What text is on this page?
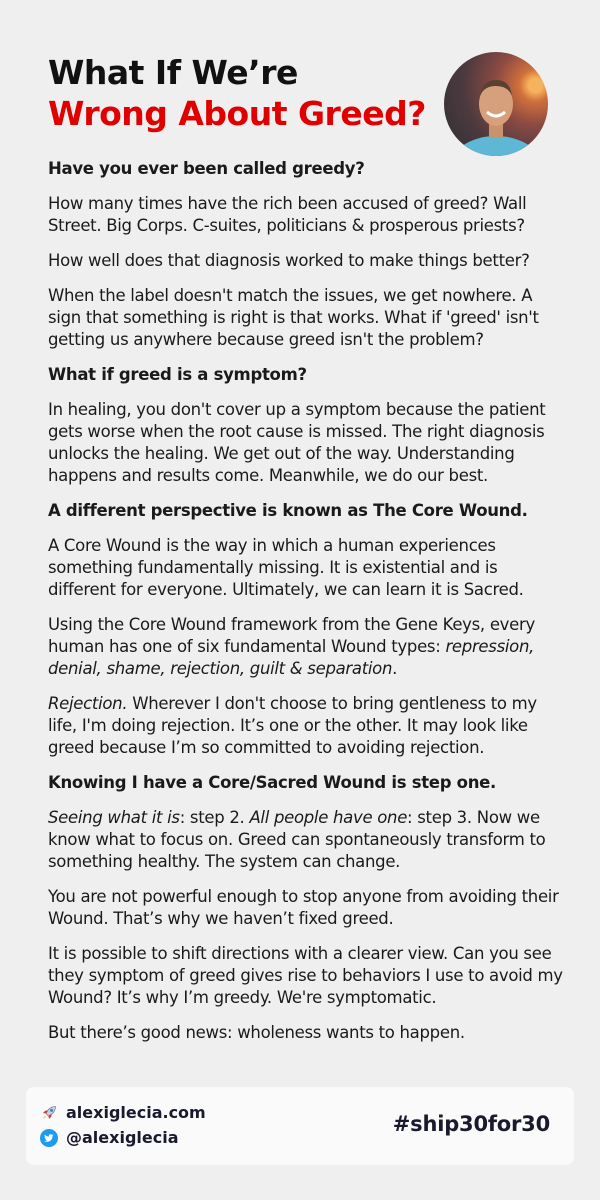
What If We’re
Wrong About Greed?

Have you ever been called greedy?

How many times have the rich been accused of greed? Wall Street. Big Corps. C-suites, politicians & prosperous priests?

How well does that diagnosis worked to make things better?

When the label doesn't match the issues, we get nowhere. A sign that something is right is that works. What if 'greed' isn't getting us anywhere because greed isn't the problem?

What if greed is a symptom?

In healing, you don't cover up a symptom because the patient gets worse when the root cause is missed. The right diagnosis unlocks the healing. We get out of the way. Understanding happens and results come. Meanwhile, we do our best.

A different perspective is known as The Core Wound.

A Core Wound is the way in which a human experiences something fundamentally missing. It is existential and is different for everyone. Ultimately, we can learn it is Sacred.

Using the Core Wound framework from the Gene Keys, every human has one of six fundamental Wound types: repression, denial, shame, rejection, guilt & separation.

Rejection. Wherever I don't choose to bring gentleness to my life, I'm doing rejection. It’s one or the other. It may look like greed because I’m so committed to avoiding rejection.

Knowing I have a Core/Sacred Wound is step one.

Seeing what it is: step 2. All people have one: step 3. Now we know what to focus on. Greed can spontaneously transform to something healthy. The system can change.

You are not powerful enough to stop anyone from avoiding their Wound. That’s why we haven’t fixed greed.

It is possible to shift directions with a clearer view. Can you see they symptom of greed gives rise to behaviors I use to avoid my Wound? It’s why I’m greedy. We're symptomatic.

But there’s good news: wholeness wants to happen.

alexiglecia.com
@alexiglecia
#ship30for30
